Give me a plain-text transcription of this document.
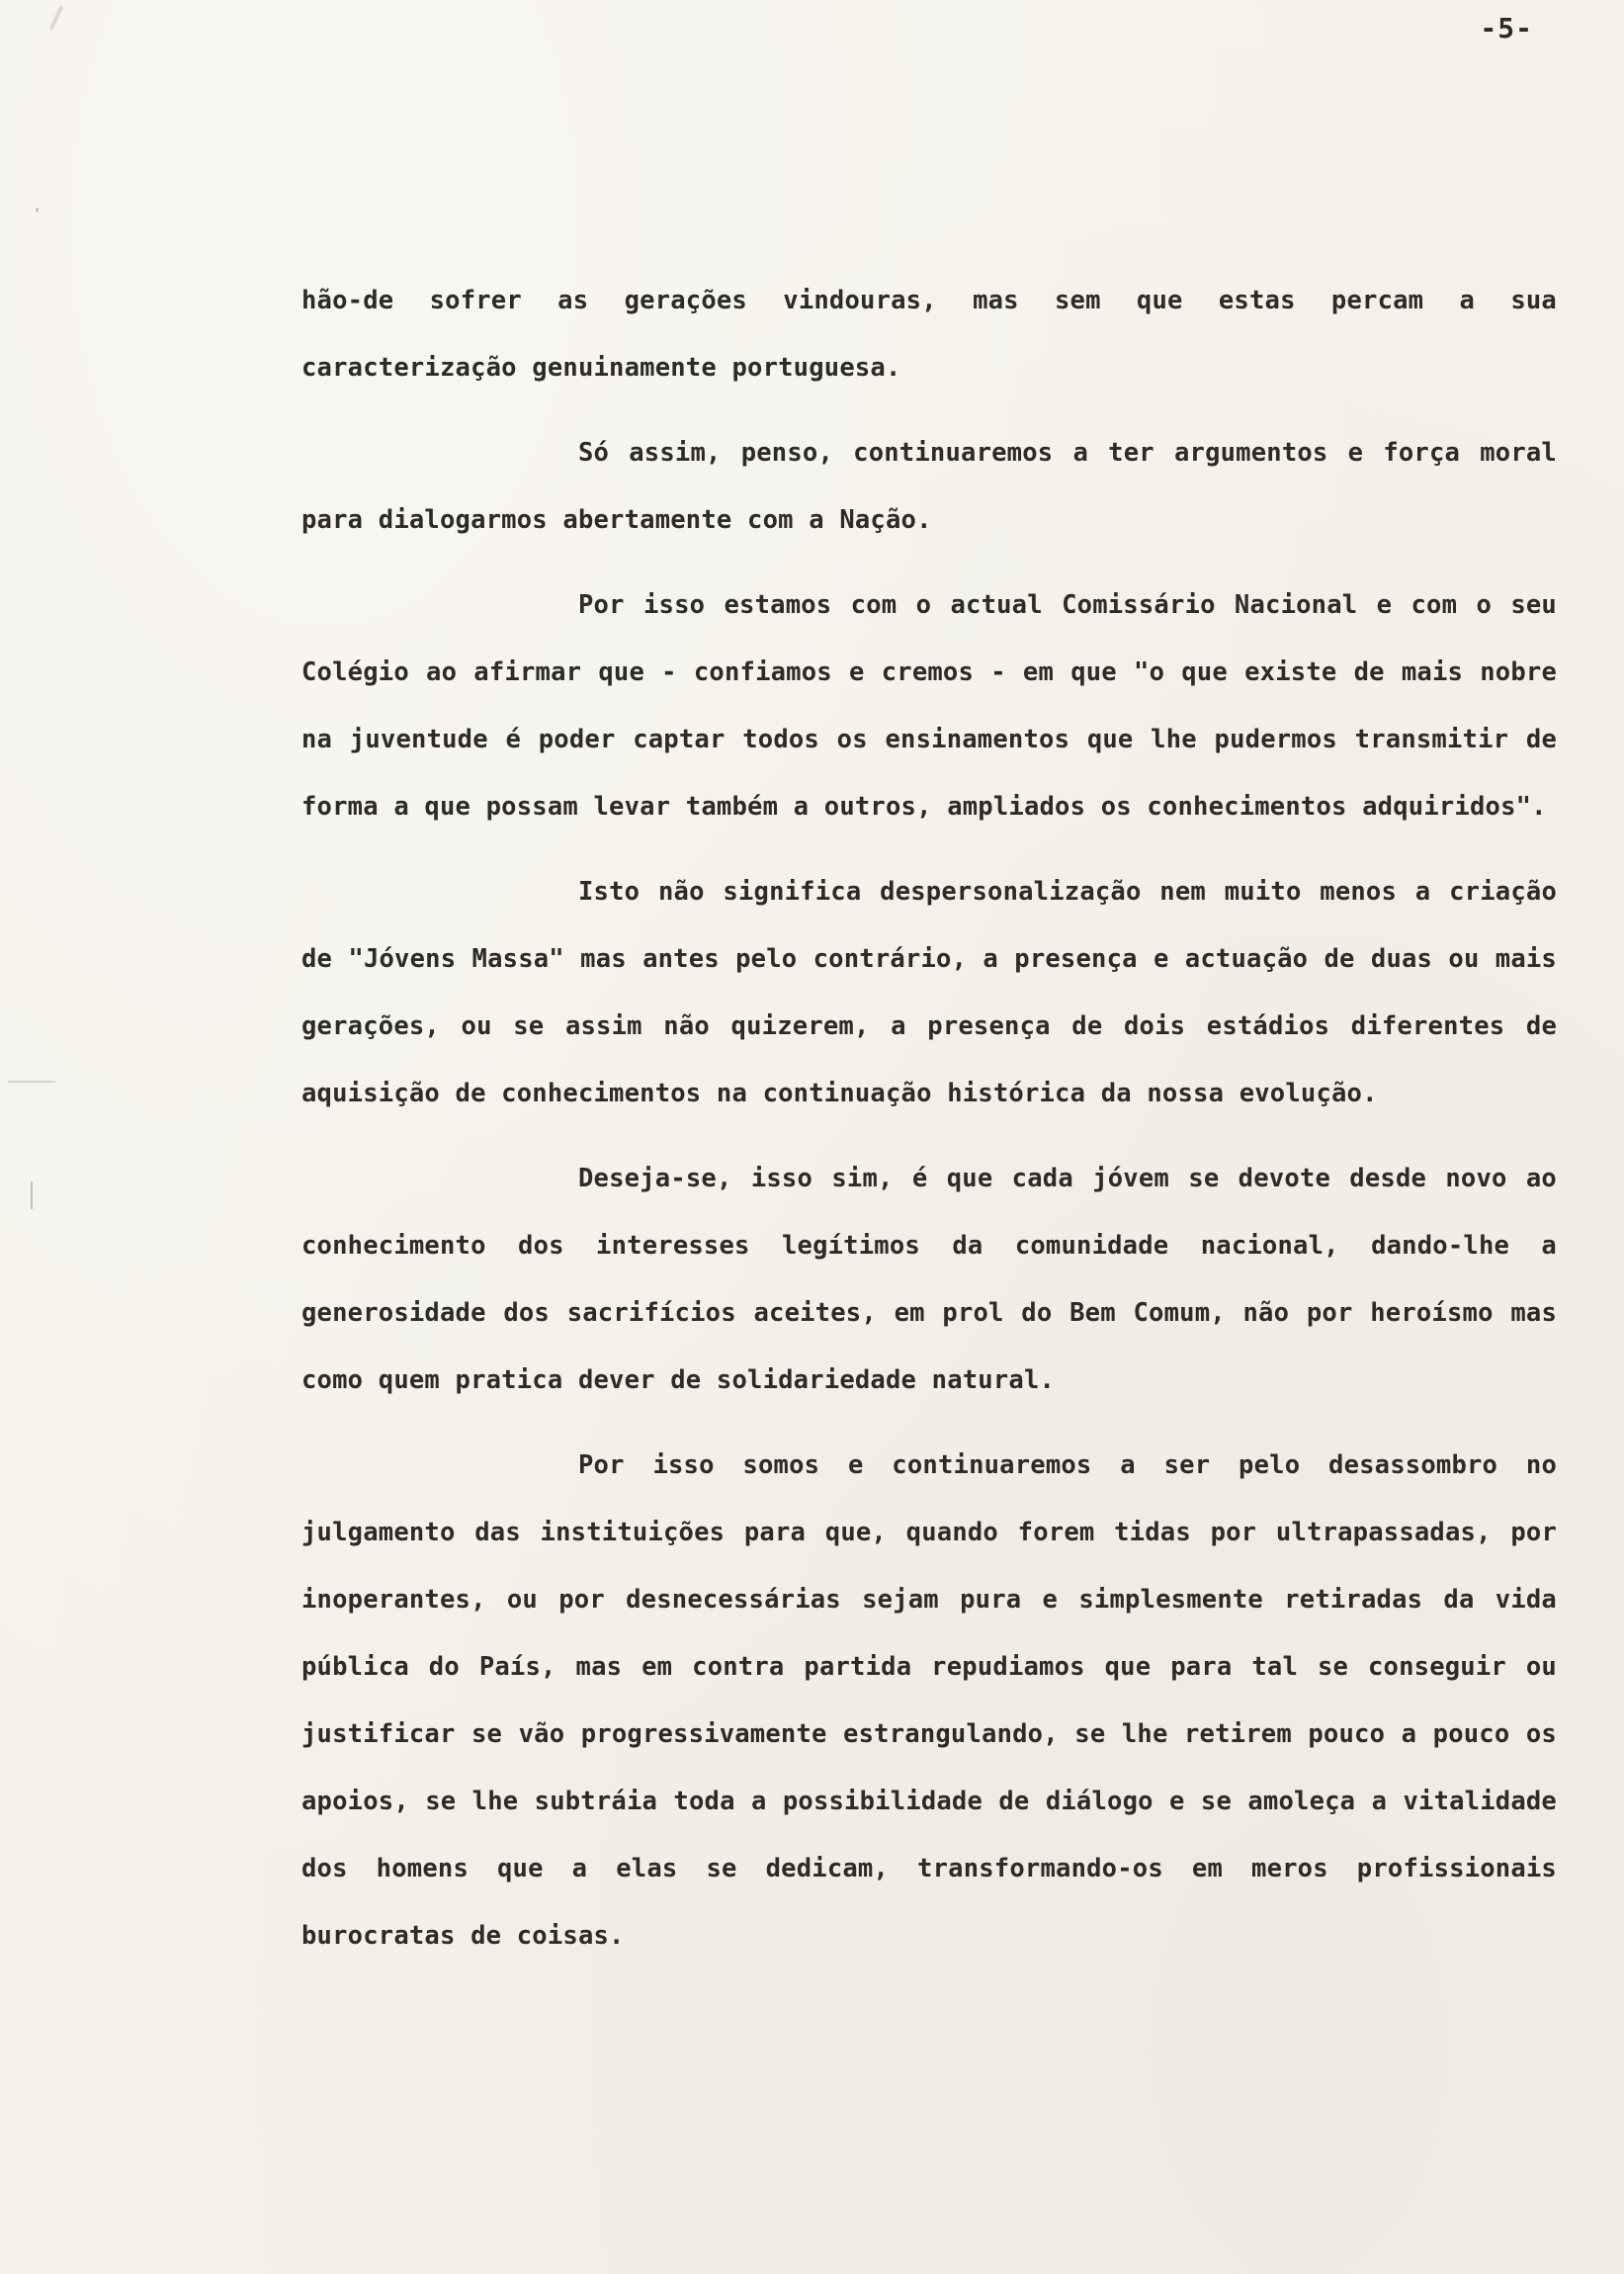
-5-

hão-de sofrer as gerações vindouras, mas sem que estas percam a sua caracterização genuinamente portuguesa.

Só assim, penso, continuaremos a ter argumentos e força moral para dialogarmos abertamente com a Nação.

Por isso estamos com o actual Comissário Nacional e com o seu Colégio ao afirmar que - confiamos e cremos - em que "o que existe de mais nobre na juventude é poder captar todos os ensinamentos que lhe pudermos transmitir de forma a que possam levar também a outros, ampliados os conhecimentos adquiridos".

Isto não significa despersonalização nem muito menos a criação de "Jóvens Massa" mas antes pelo contrário, a presença e actuação de duas ou mais gerações, ou se assim não quizerem, a presença de dois estádios diferentes de aquisição de conhecimentos na continuação histórica da nossa evolução.

Deseja-se, isso sim, é que cada jóvem se devote desde novo ao conhecimento dos interesses legítimos da comunidade nacional, dando-lhe a generosidade dos sacrifícios aceites, em prol do Bem Comum, não por heroísmo mas como quem pratica dever de solidariedade natural.

Por isso somos e continuaremos a ser pelo desassombro no julgamento das instituições para que, quando forem tidas por ultrapassadas, por inoperantes, ou por desnecessárias sejam pura e simplesmente retiradas da vida pública do País, mas em contra partida repudiamos que para tal se conseguir ou justificar se vão progressivamente estrangulando, se lhe retirem pouco a pouco os apoios, se lhe subtráia toda a possibilidade de diálogo e se amoleça a vitalidade dos homens que a elas se dedicam, transformando-os em meros profissionais burocratas de coisas.
